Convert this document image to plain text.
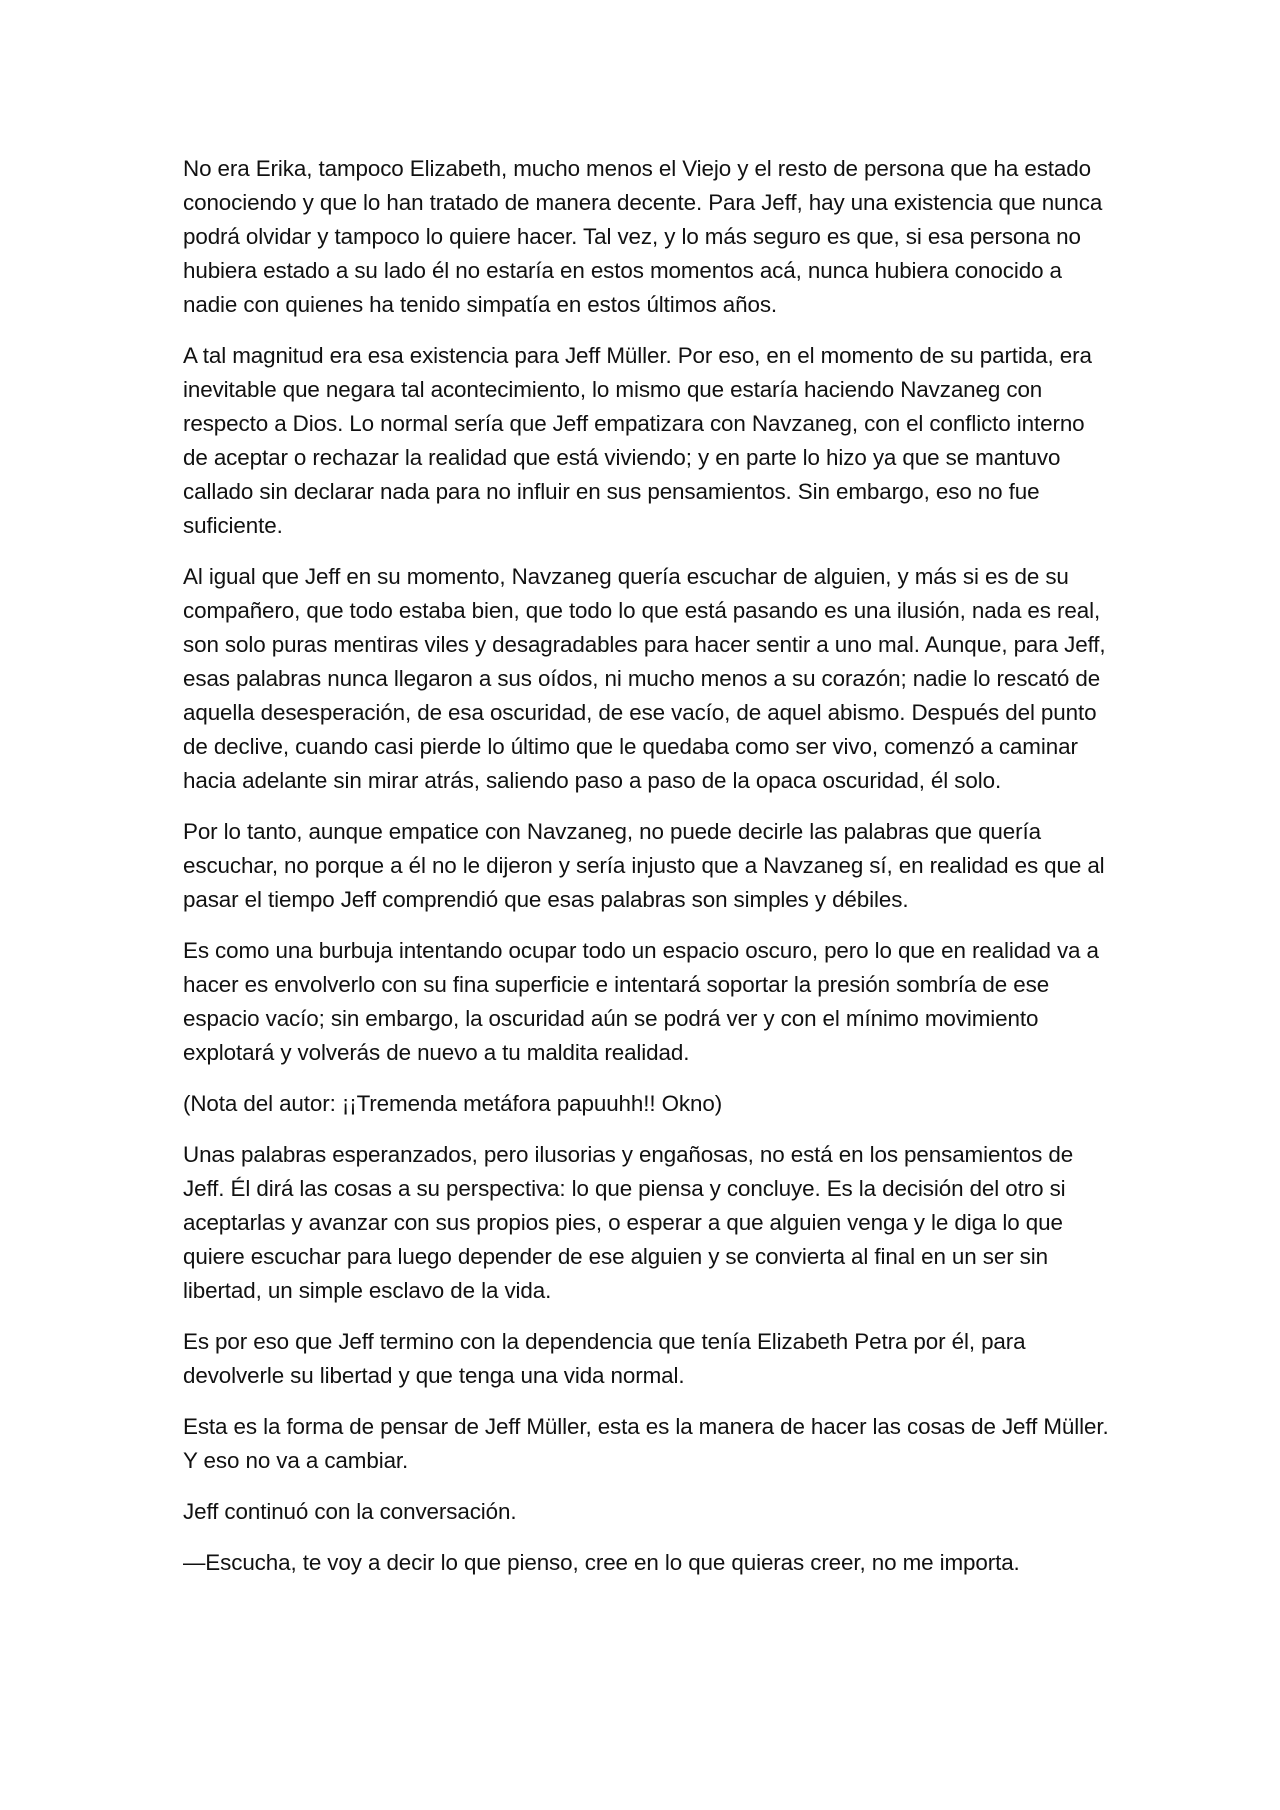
No era Erika, tampoco Elizabeth, mucho menos el Viejo y el resto de persona que ha estado conociendo y que lo han tratado de manera decente. Para Jeff, hay una existencia que nunca podrá olvidar y tampoco lo quiere hacer. Tal vez, y lo más seguro es que, si esa persona no hubiera estado a su lado él no estaría en estos momentos acá, nunca hubiera conocido a nadie con quienes ha tenido simpatía en estos últimos años.

A tal magnitud era esa existencia para Jeff Müller. Por eso, en el momento de su partida, era inevitable que negara tal acontecimiento, lo mismo que estaría haciendo Navzaneg con respecto a Dios. Lo normal sería que Jeff empatizara con Navzaneg, con el conflicto interno de aceptar o rechazar la realidad que está viviendo; y en parte lo hizo ya que se mantuvo callado sin declarar nada para no influir en sus pensamientos. Sin embargo, eso no fue suficiente.

Al igual que Jeff en su momento, Navzaneg quería escuchar de alguien, y más si es de su compañero, que todo estaba bien, que todo lo que está pasando es una ilusión, nada es real, son solo puras mentiras viles y desagradables para hacer sentir a uno mal. Aunque, para Jeff, esas palabras nunca llegaron a sus oídos, ni mucho menos a su corazón; nadie lo rescató de aquella desesperación, de esa oscuridad, de ese vacío, de aquel abismo. Después del punto de declive, cuando casi pierde lo último que le quedaba como ser vivo, comenzó a caminar hacia adelante sin mirar atrás, saliendo paso a paso de la opaca oscuridad, él solo.

Por lo tanto, aunque empatice con Navzaneg, no puede decirle las palabras que quería escuchar, no porque a él no le dijeron y sería injusto que a Navzaneg sí, en realidad es que al pasar el tiempo Jeff comprendió que esas palabras son simples y débiles.

Es como una burbuja intentando ocupar todo un espacio oscuro, pero lo que en realidad va a hacer es envolverlo con su fina superficie e intentará soportar la presión sombría de ese espacio vacío; sin embargo, la oscuridad aún se podrá ver y con el mínimo movimiento explotará y volverás de nuevo a tu maldita realidad.

(Nota del autor: ¡¡Tremenda metáfora papuuhh!! Okno)

Unas palabras esperanzados, pero ilusorias y engañosas, no está en los pensamientos de Jeff. Él dirá las cosas a su perspectiva: lo que piensa y concluye. Es la decisión del otro si aceptarlas y avanzar con sus propios pies, o esperar a que alguien venga y le diga lo que quiere escuchar para luego depender de ese alguien y se convierta al final en un ser sin libertad, un simple esclavo de la vida.

Es por eso que Jeff termino con la dependencia que tenía Elizabeth Petra por él, para devolverle su libertad y que tenga una vida normal.

Esta es la forma de pensar de Jeff Müller, esta es la manera de hacer las cosas de Jeff Müller. Y eso no va a cambiar.

Jeff continuó con la conversación.

—Escucha, te voy a decir lo que pienso, cree en lo que quieras creer, no me importa.
